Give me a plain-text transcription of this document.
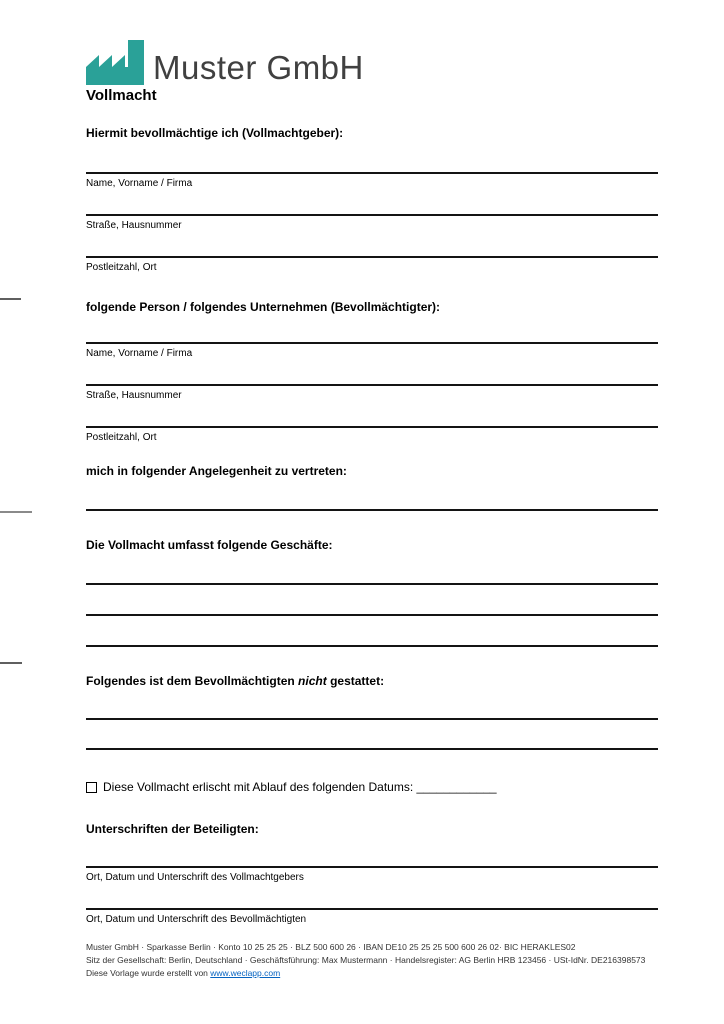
Muster GmbH
Vollmacht
Hiermit bevollmächtige ich (Vollmachtgeber):
Name, Vorname / Firma
Straße, Hausnummer
Postleitzahl, Ort
folgende Person / folgendes Unternehmen (Bevollmächtigter):
Name, Vorname / Firma
Straße, Hausnummer
Postleitzahl, Ort
mich in folgender Angelegenheit zu vertreten:
Die Vollmacht umfasst folgende Geschäfte:
Folgendes ist dem Bevollmächtigten nicht gestattet:
Diese Vollmacht erlischt mit Ablauf des folgenden Datums: ____________
Unterschriften der Beteiligten:
Ort, Datum und Unterschrift des Vollmachtgebers
Ort, Datum und Unterschrift des Bevollmächtigten
Muster GmbH · Sparkasse Berlin · Konto 10 25 25 25 · BLZ 500 600 26 · IBAN DE10 25 25 25 500 600 26 02· BIC HERAKLES02
Sitz der Gesellschaft: Berlin, Deutschland · Geschäftsführung: Max Mustermann · Handelsregister: AG Berlin HRB 123456 · USt-IdNr. DE216398573
Diese Vorlage wurde erstellt von www.weclapp.com
